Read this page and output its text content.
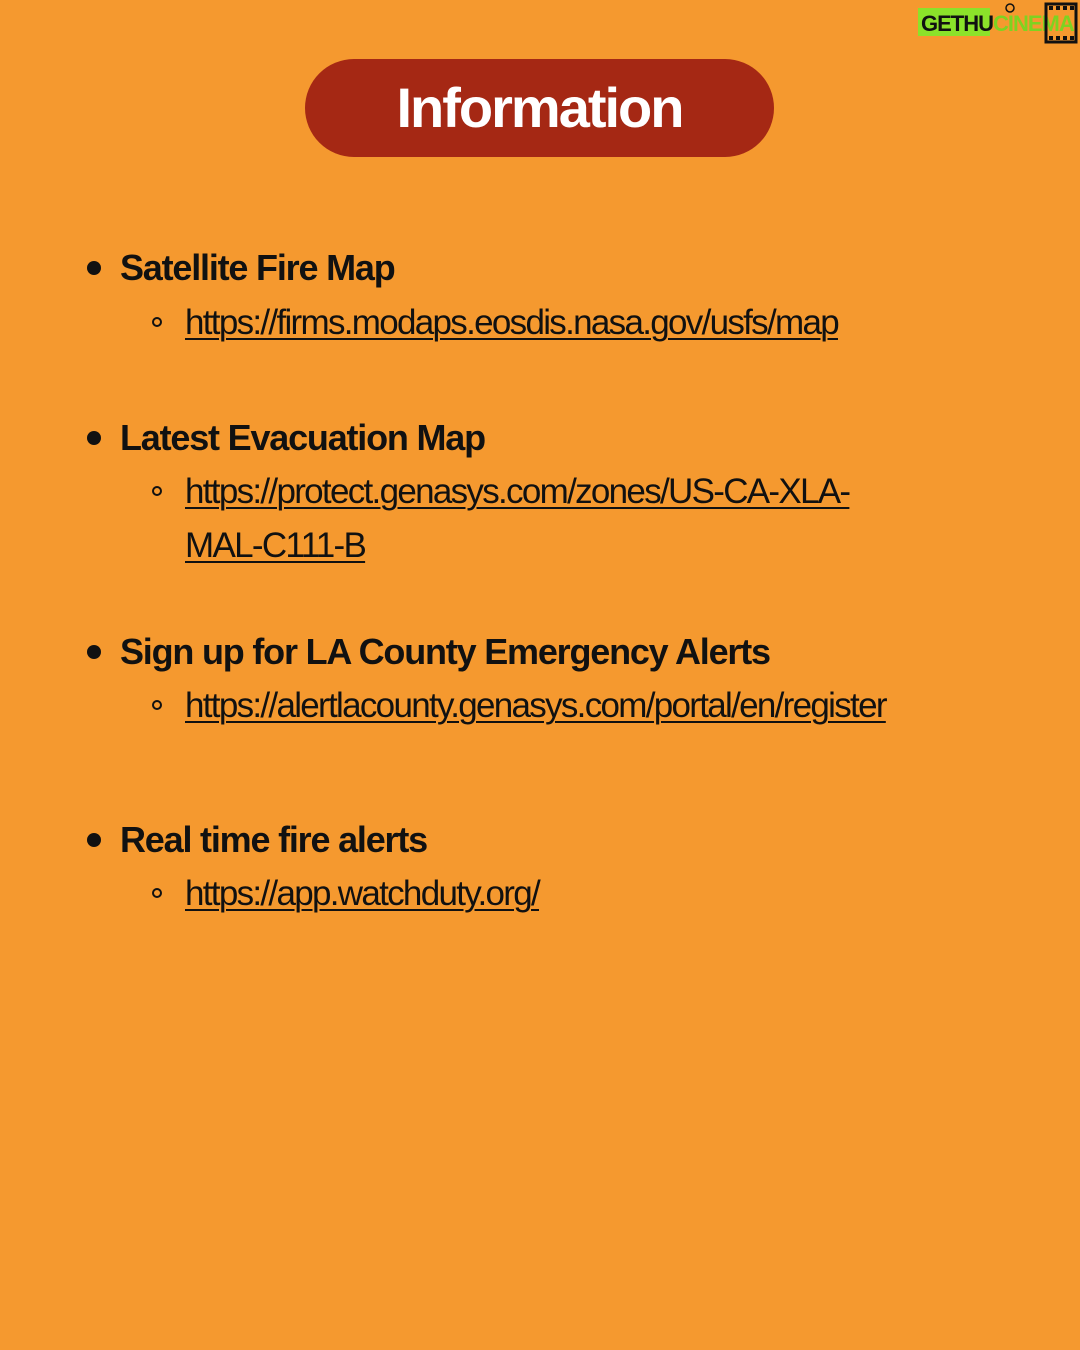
GETHU CINEMA
Information
Satellite Fire Map
https://firms.modaps.eosdis.nasa.gov/usfs/map
Latest Evacuation Map
https://protect.genasys.com/zones/US-CA-XLA-
MAL-C111-B
Sign up for LA County Emergency Alerts
https://alertlacounty.genasys.com/portal/en/register
Real time fire alerts
https://app.watchduty.org/
